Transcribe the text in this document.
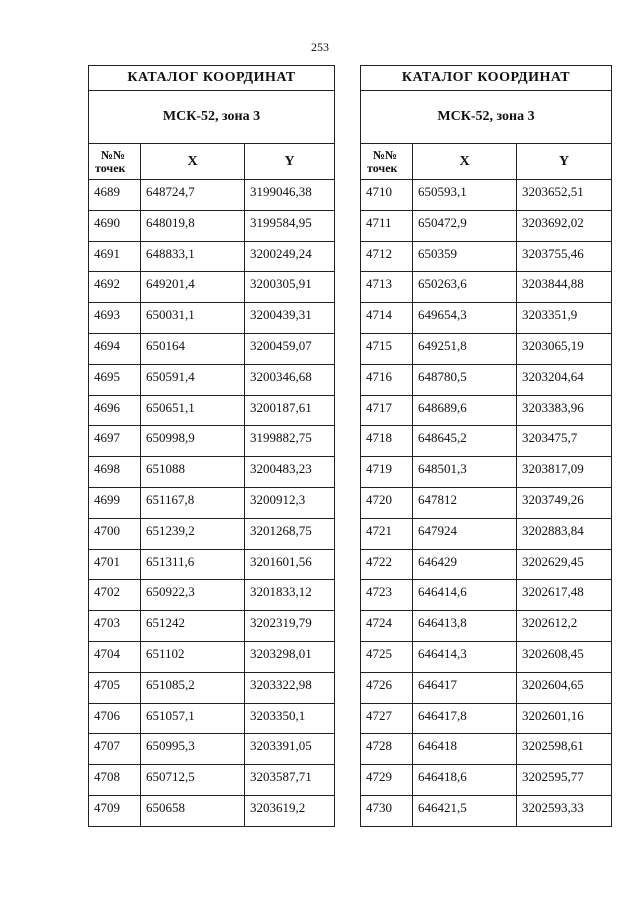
253
КАТАЛОГ КООРДИНАТ		
МСК-52, зона 3		

№№
точек	X	Y
4689	648724,7	3199046,38
4690	648019,8	3199584,95
4691	648833,1	3200249,24
4692	649201,4	3200305,91
4693	650031,1	3200439,31
4694	650164	3200459,07
4695	650591,4	3200346,68
4696	650651,1	3200187,61
4697	650998,9	3199882,75
4698	651088	3200483,23
4699	651167,8	3200912,3
4700	651239,2	3201268,75
4701	651311,6	3201601,56
4702	650922,3	3201833,12
4703	651242	3202319,79
4704	651102	3203298,01
4705	651085,2	3203322,98
4706	651057,1	3203350,1
4707	650995,3	3203391,05
4708	650712,5	3203587,71
4709	650658	3203619,2
КАТАЛОГ КООРДИНАТ		
МСК-52, зона 3		

№№
точек	X	Y
4710	650593,1	3203652,51
4711	650472,9	3203692,02
4712	650359	3203755,46
4713	650263,6	3203844,88
4714	649654,3	3203351,9
4715	649251,8	3203065,19
4716	648780,5	3203204,64
4717	648689,6	3203383,96
4718	648645,2	3203475,7
4719	648501,3	3203817,09
4720	647812	3203749,26
4721	647924	3202883,84
4722	646429	3202629,45
4723	646414,6	3202617,48
4724	646413,8	3202612,2
4725	646414,3	3202608,45
4726	646417	3202604,65
4727	646417,8	3202601,16
4728	646418	3202598,61
4729	646418,6	3202595,77
4730	646421,5	3202593,33
